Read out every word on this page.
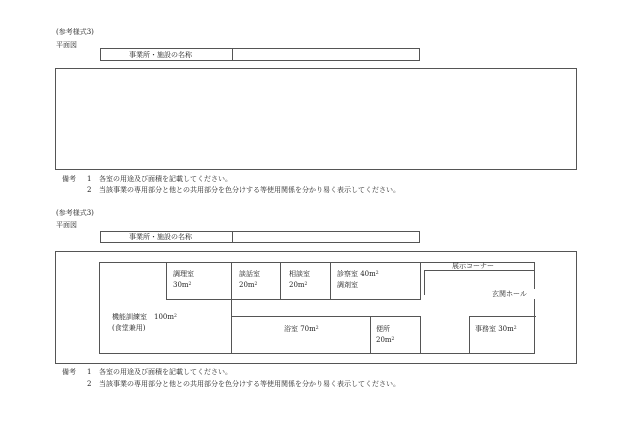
(参考様式3)
平面図
事業所・施設の名称
備考 1 各室の用途及び面積を記載してください。
2 当該事業の専用部分と他との共用部分を色分けする等使用関係を分かり易く表示してください。
(参考様式3)
平面図
事業所・施設の名称
調理室
$30m^2$
談話室
$20m^2$
相談室
$20m^2$
診察室 $40m^2$
調剤室
展示コーナー
玄関ホール
機能訓練室　$100m^2$
(食堂兼用)	浴室 $70m^2$	便所
$20m^2$
事務室 $30m^2$
備考 1 各室の用途及び面積を記載してください。
2 当該事業の専用部分と他との共用部分を色分けする等使用関係を分かり易く表示してください。
